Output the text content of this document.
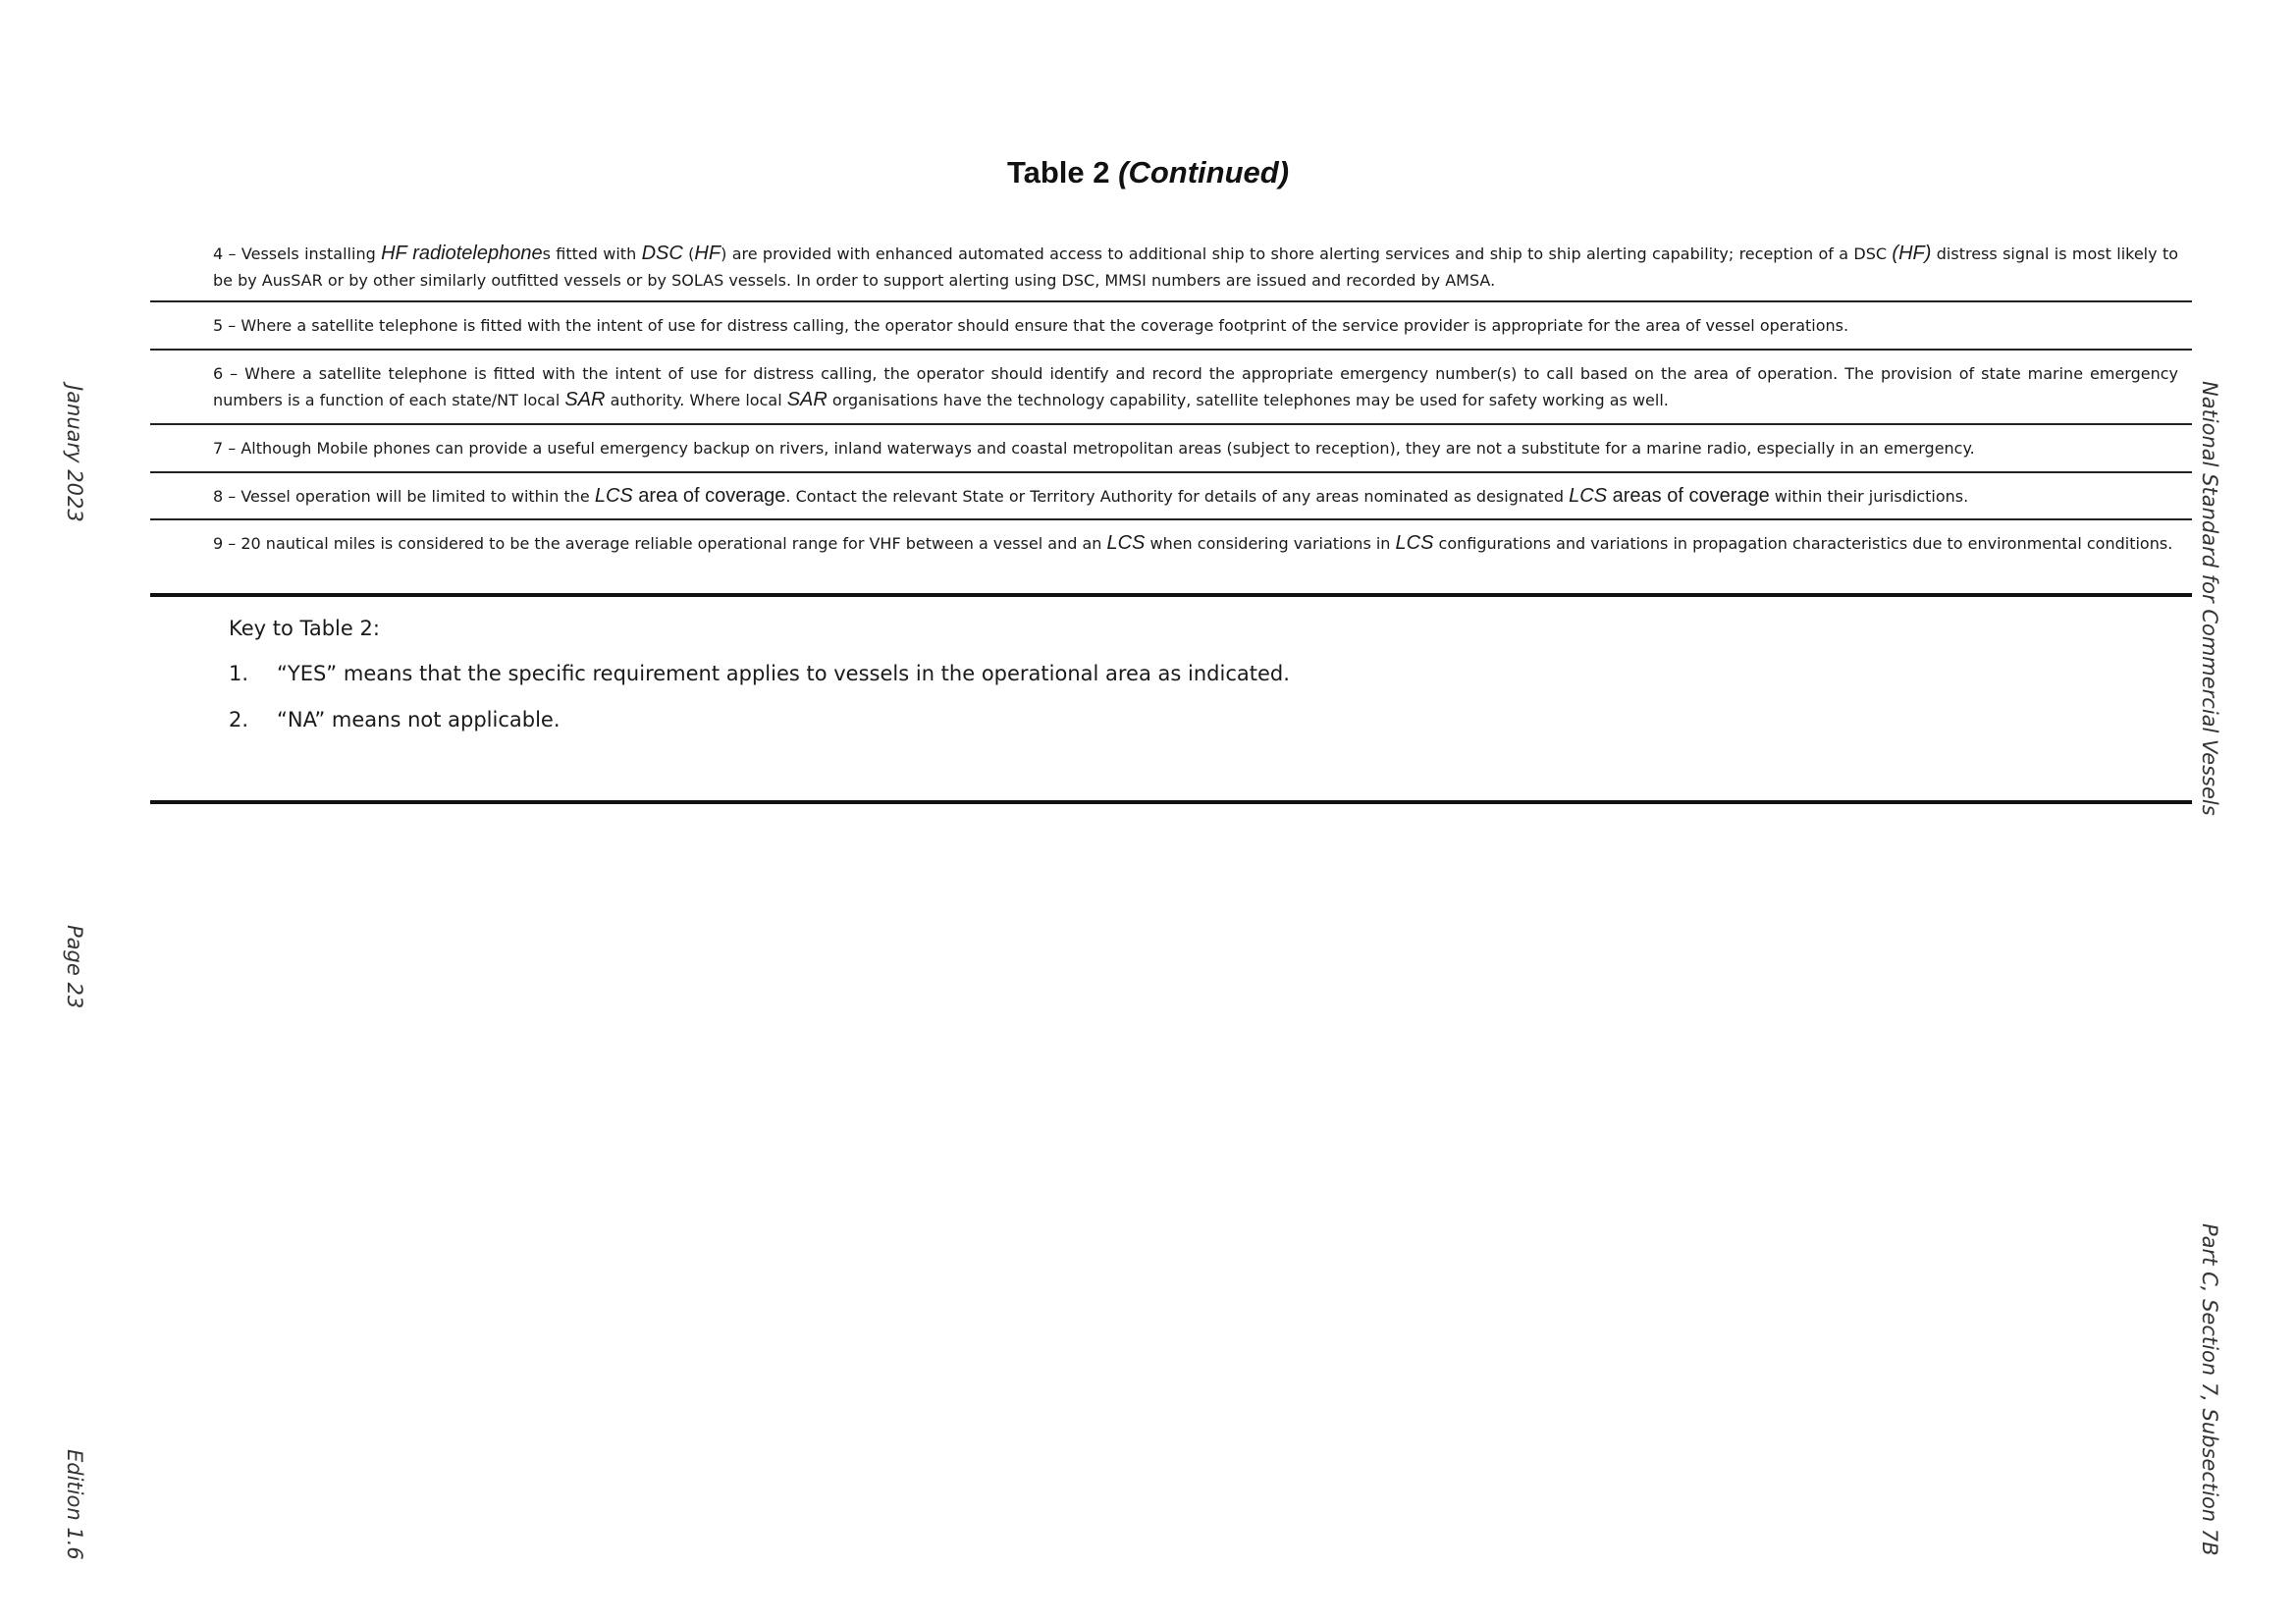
Table 2 (Continued)
4 – Vessels installing HF radiotelephones fitted with DSC (HF) are provided with enhanced automated access to additional ship to shore alerting services and ship to ship alerting capability; reception of a DSC (HF) distress signal is most likely to be by AusSAR or by other similarly outfitted vessels or by SOLAS vessels. In order to support alerting using DSC, MMSI numbers are issued and recorded by AMSA.
5 – Where a satellite telephone is fitted with the intent of use for distress calling, the operator should ensure that the coverage footprint of the service provider is appropriate for the area of vessel operations.
6 – Where a satellite telephone is fitted with the intent of use for distress calling, the operator should identify and record the appropriate emergency number(s) to call based on the area of operation. The provision of state marine emergency numbers is a function of each state/NT local SAR authority. Where local SAR organisations have the technology capability, satellite telephones may be used for safety working as well.
7 – Although Mobile phones can provide a useful emergency backup on rivers, inland waterways and coastal metropolitan areas (subject to reception), they are not a substitute for a marine radio, especially in an emergency.
8 – Vessel operation will be limited to within the LCS area of coverage. Contact the relevant State or Territory Authority for details of any areas nominated as designated LCS areas of coverage within their jurisdictions.
9 – 20 nautical miles is considered to be the average reliable operational range for VHF between a vessel and an LCS when considering variations in LCS configurations and variations in propagation characteristics due to environmental conditions.
Key to Table 2:
1.	“YES” means that the specific requirement applies to vessels in the operational area as indicated.
2.	“NA” means not applicable.
January 2023
Page 23
Edition 1.6
National Standard for Commercial Vessels
Part C, Section 7, Subsection 7B
